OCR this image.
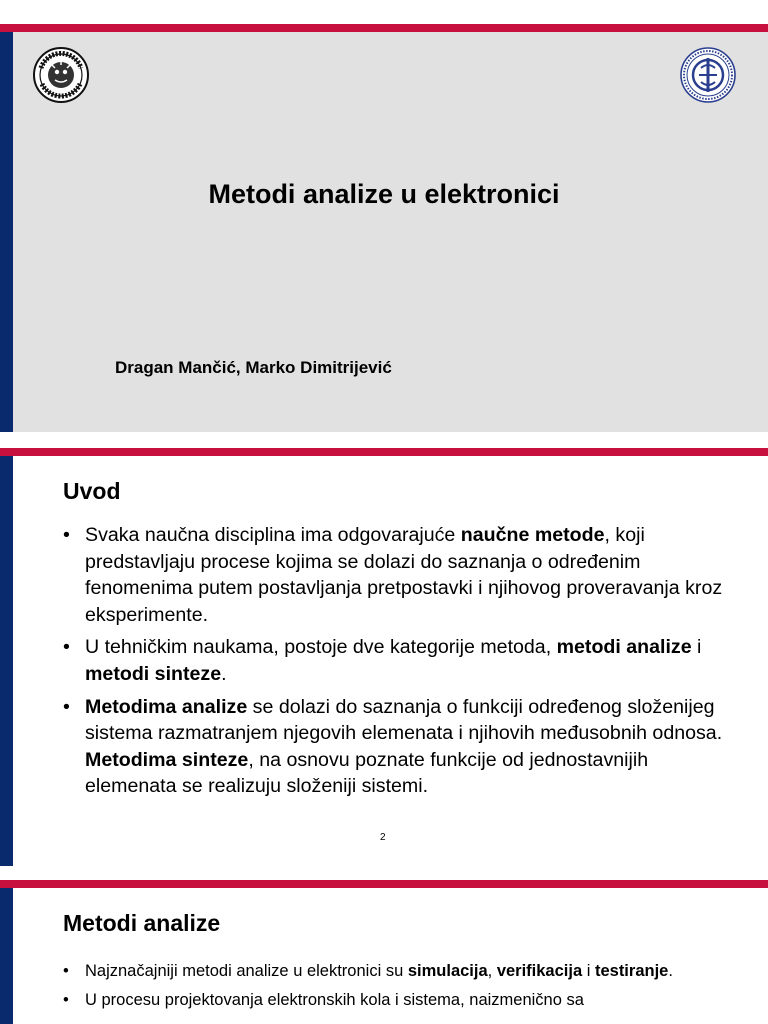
Metodi analize u elektronici
Dragan Mančić, Marko Dimitrijević
Uvod
• Svaka naučna disciplina ima odgovarajuće naučne metode, koji predstavljaju procese kojima se dolazi do saznanja o određenim fenomenima putem postavljanja pretpostavki i njihovog proveravanja kroz eksperimente.
• U tehničkim naukama, postoje dve kategorije metoda, metodi analize i metodi sinteze.
• Metodima analize se dolazi do saznanja o funkciji određenog složenijeg sistema razmatranjem njegovih elemenata i njihovih međusobnih odnosa. Metodima sinteze, na osnovu poznate funkcije od jednostavnijih elemenata se realizuju složeniji sistemi.
2
Metodi analize
• Najznačajniji metodi analize u elektronici su simulacija, verifikacija i testiranje.
• U procesu projektovanja elektronskih kola i sistema, naizmenično sa
